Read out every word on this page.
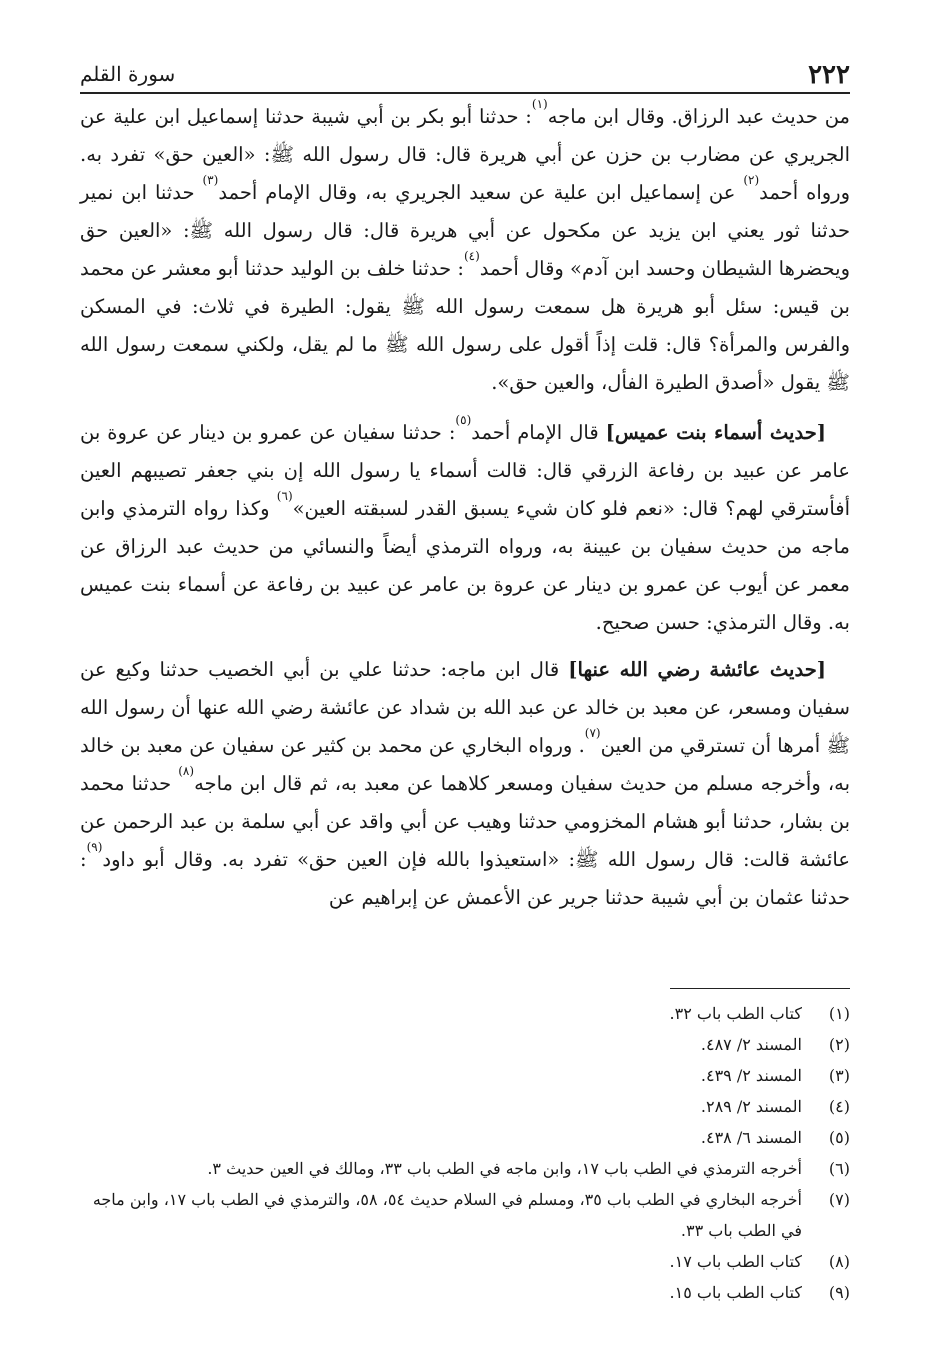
٢٢٢
سورة القلم

من حديث عبد الرزاق. وقال ابن ماجه$^{(١)}$: حدثنا أبو بكر بن أبي شيبة حدثنا إسماعيل ابن علية عن الجريري عن مضارب بن حزن عن أبي هريرة قال: قال رسول الله ﷺ: «العين حق» تفرد به. ورواه أحمد$^{(٢)}$ عن إسماعيل ابن علية عن سعيد الجريري به، وقال الإمام أحمد$^{(٣)}$ حدثنا ابن نمير حدثنا ثور يعني ابن يزيد عن مكحول عن أبي هريرة قال: قال رسول الله ﷺ: «العين حق ويحضرها الشيطان وحسد ابن آدم» وقال أحمد$^{(٤)}$: حدثنا خلف بن الوليد حدثنا أبو معشر عن محمد بن قيس: سئل أبو هريرة هل سمعت رسول الله ﷺ يقول: الطيرة في ثلاث: في المسكن والفرس والمرأة؟ قال: قلت إذاً أقول على رسول الله ﷺ ما لم يقل، ولكني سمعت رسول الله ﷺ يقول «أصدق الطيرة الفأل، والعين حق».

[حديث أسماء بنت عميس] قال الإمام أحمد$^{(٥)}$: حدثنا سفيان عن عمرو بن دينار عن عروة بن عامر عن عبيد بن رفاعة الزرقي قال: قالت أسماء يا رسول الله إن بني جعفر تصيبهم العين أفأسترقي لهم؟ قال: «نعم فلو كان شيء يسبق القدر لسبقته العين»$^{(٦)}$ وكذا رواه الترمذي وابن ماجه من حديث سفيان بن عيينة به، ورواه الترمذي أيضاً والنسائي من حديث عبد الرزاق عن معمر عن أيوب عن عمرو بن دينار عن عروة بن عامر عن عبيد بن رفاعة عن أسماء بنت عميس به. وقال الترمذي: حسن صحيح.

[حديث عائشة رضي الله عنها] قال ابن ماجه: حدثنا علي بن أبي الخصيب حدثنا وكيع عن سفيان ومسعر، عن معبد بن خالد عن عبد الله بن شداد عن عائشة رضي الله عنها أن رسول الله ﷺ أمرها أن تسترقي من العين$^{(٧)}$. ورواه البخاري عن محمد بن كثير عن سفيان عن معبد بن خالد به، وأخرجه مسلم من حديث سفيان ومسعر كلاهما عن معبد به، ثم قال ابن ماجه$^{(٨)}$ حدثنا محمد بن بشار، حدثنا أبو هشام المخزومي حدثنا وهيب عن أبي واقد عن أبي سلمة بن عبد الرحمن عن عائشة قالت: قال رسول الله ﷺ: «استعيذوا بالله فإن العين حق» تفرد به. وقال أبو داود$^{(٩)}$: حدثنا عثمان بن أبي شيبة حدثنا جرير عن الأعمش عن إبراهيم عن

(١)
كتاب الطب باب ٣٢.
(٢)
المسند ٢/ ٤٨٧.
(٣)
المسند ٢/ ٤٣٩.
(٤)
المسند ٢/ ٢٨٩.
(٥)
المسند ٦/ ٤٣٨.
(٦)
أخرجه الترمذي في الطب باب ١٧، وابن ماجه في الطب باب ٣٣، ومالك في العين حديث ٣.
(٧)
أخرجه البخاري في الطب باب ٣٥، ومسلم في السلام حديث ٥٤، ٥٨، والترمذي في الطب باب ١٧، وابن ماجه في الطب باب ٣٣.
(٨)
كتاب الطب باب ١٧.
(٩)
كتاب الطب باب ١٥.
